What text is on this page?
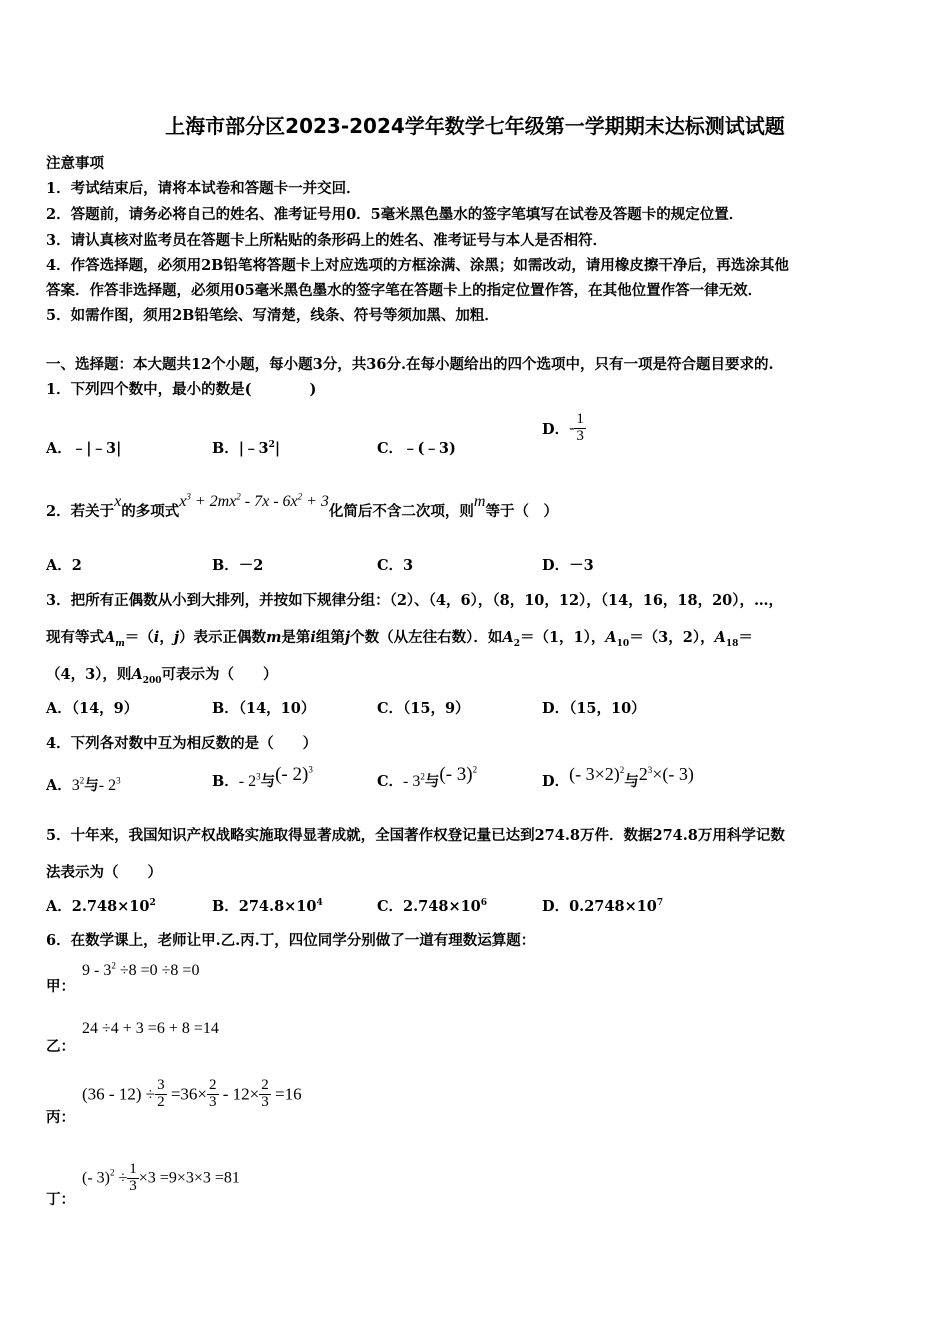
上海市部分区2023-2024学年数学七年级第一学期期末达标测试试题
注意事项
1．考试结束后，请将本试卷和答题卡一并交回．
2．答题前，请务必将自己的姓名、准考证号用0．5毫米黑色墨水的签字笔填写在试卷及答题卡的规定位置．
3．请认真核对监考员在答题卡上所粘贴的条形码上的姓名、准考证号与本人是否相符．
4．作答选择题，必须用2B铅笔将答题卡上对应选项的方框涂满、涂黑；如需改动，请用橡皮擦干净后，再选涂其他
答案．作答非选择题，必须用05毫米黑色墨水的签字笔在答题卡上的指定位置作答，在其他位置作答一律无效．
5．如需作图，须用2B铅笔绘、写清楚，线条、符号等须加黑、加粗．
一、选择题：本大题共12个小题，每小题3分，共36分.在每小题给出的四个选项中，只有一项是符合题目要求的.
1．下列四个数中，最小的数是(　　　　)
A．﹣|﹣3|	B．$|﹣3^2|$	C．﹣(﹣3)
D．- $\frac{1}{3}$
2．若关于x的多项式$x^3 + 2mx^2 - 7x - 6x^2 + 3$化简后不含二次项，则m等于（　）
A．2	B．－2	C．3	D．－3
3．把所有正偶数从小到大排列，并按如下规律分组：（2）、（4，6），（8，10，12），（14，16，18，20），…，
现有等式$A_m=(i$，j）表示正偶数m是第i组第j个数（从左往右数）．如$A_2=(1$，1），$A_{10}=(3$，2），$A_{18}=$
（4，3），则$A_{200}$可表示为（　　）
A．（14，9）	B．（14，10）	C．（15，9）	D．（15，10）
4．下列各对数中互为相反数的是（　　）
A．$3^2$与- $2^3$	B．- $2^3$与(- 2)$^3$
C．- $3^2$与(- 3)$^2$
D．(- 3×2)$^2$与$2^3\times(-$ 3)
5．十年来，我国知识产权战略实施取得显著成就，全国著作权登记量已达到274.8万件．数据274.8万用科学记数
法表示为（　　）
A．$2.748\times 10^2$	B．$274.8\times 10^4$	C．$2.748\times 10^6$	D．$0.2748\times 10^7$
6．在数学课上，老师让甲.乙.丙.丁，四位同学分别做了一道有理数运算题：
甲：
$9 - 3^2 \div 8 =0 \div 8 =0$
乙：
24 ÷4 + 3 =6 + 8 =14
丙：
$(36 - 12) \div \frac{3}{2} =36\times \frac{2}{3} - 12\times \frac{2}{3} =16$
丁：
(- $3)^2 \div \frac{1}{3} \times 3 =9\times 3\times 3 =81$
